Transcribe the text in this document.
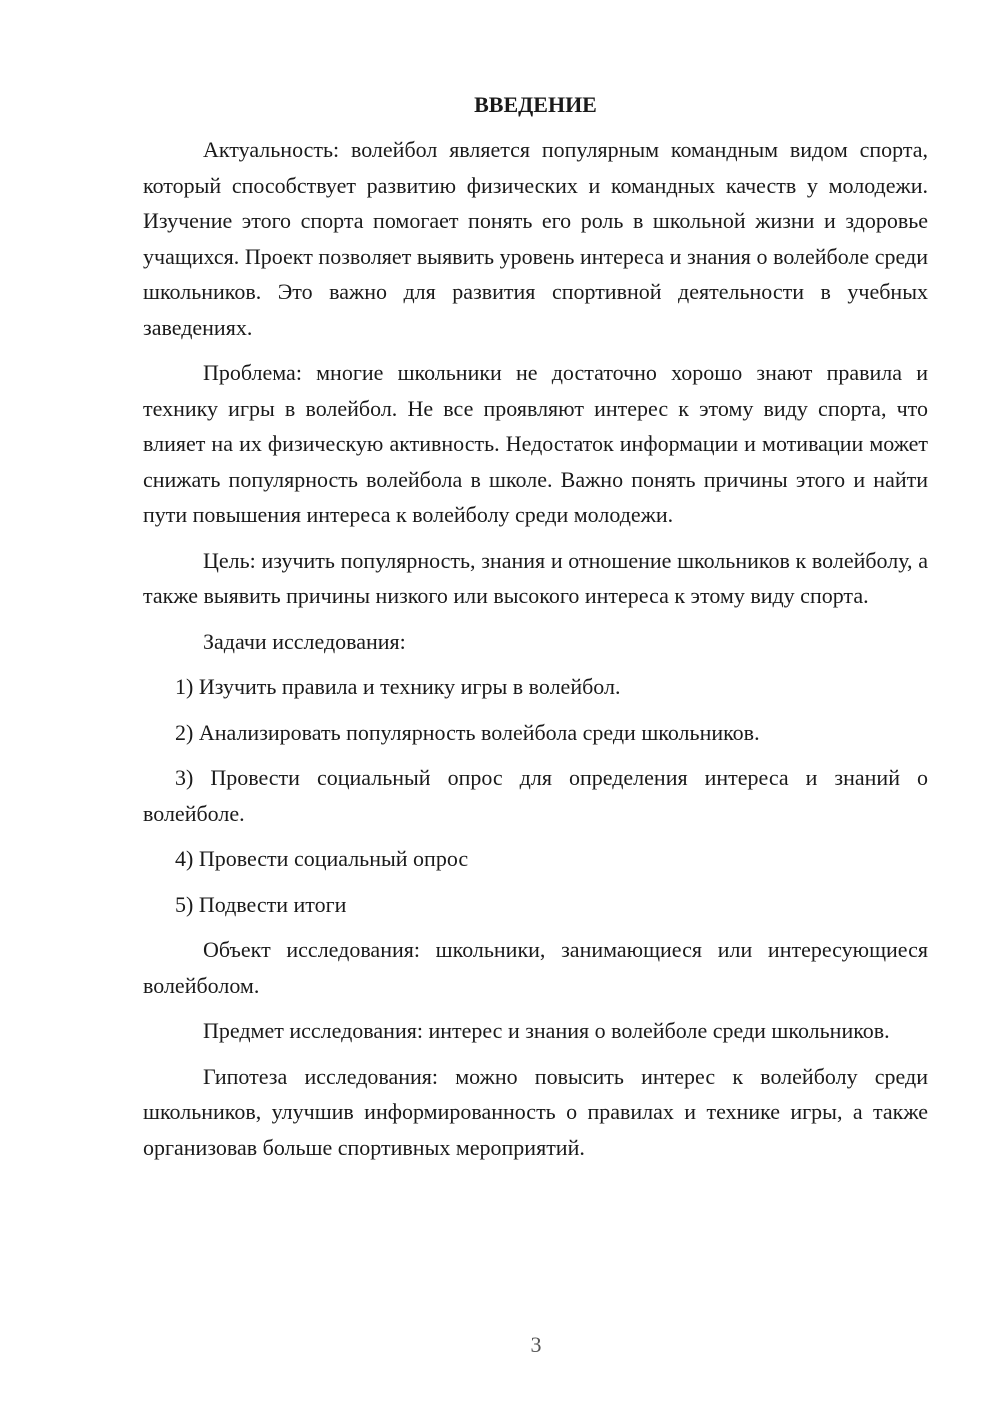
ВВЕДЕНИЕ

Актуальность: волейбол является популярным командным видом спорта, который способствует развитию физических и командных качеств у молодежи. Изучение этого спорта помогает понять его роль в школьной жизни и здоровье учащихся. Проект позволяет выявить уровень интереса и знания о волейболе среди школьников. Это важно для развития спортивной деятельности в учебных заведениях.

Проблема: многие школьники не достаточно хорошо знают правила и технику игры в волейбол. Не все проявляют интерес к этому виду спорта, что влияет на их физическую активность. Недостаток информации и мотивации может снижать популярность волейбола в школе. Важно понять причины этого и найти пути повышения интереса к волейболу среди молодежи.

Цель: изучить популярность, знания и отношение школьников к волейболу, а также выявить причины низкого или высокого интереса к этому виду спорта.

Задачи исследования:

1) Изучить правила и технику игры в волейбол.

2) Анализировать популярность волейбола среди школьников.

3) Провести социальный опрос для определения интереса и знаний о волейболе.

4) Провести социальный опрос

5) Подвести итоги

Объект исследования: школьники, занимающиеся или интересующиеся волейболом.

Предмет исследования: интерес и знания о волейболе среди школьников.

Гипотеза исследования: можно повысить интерес к волейболу среди школьников, улучшив информированность о правилах и технике игры, а также организовав больше спортивных мероприятий.

3
